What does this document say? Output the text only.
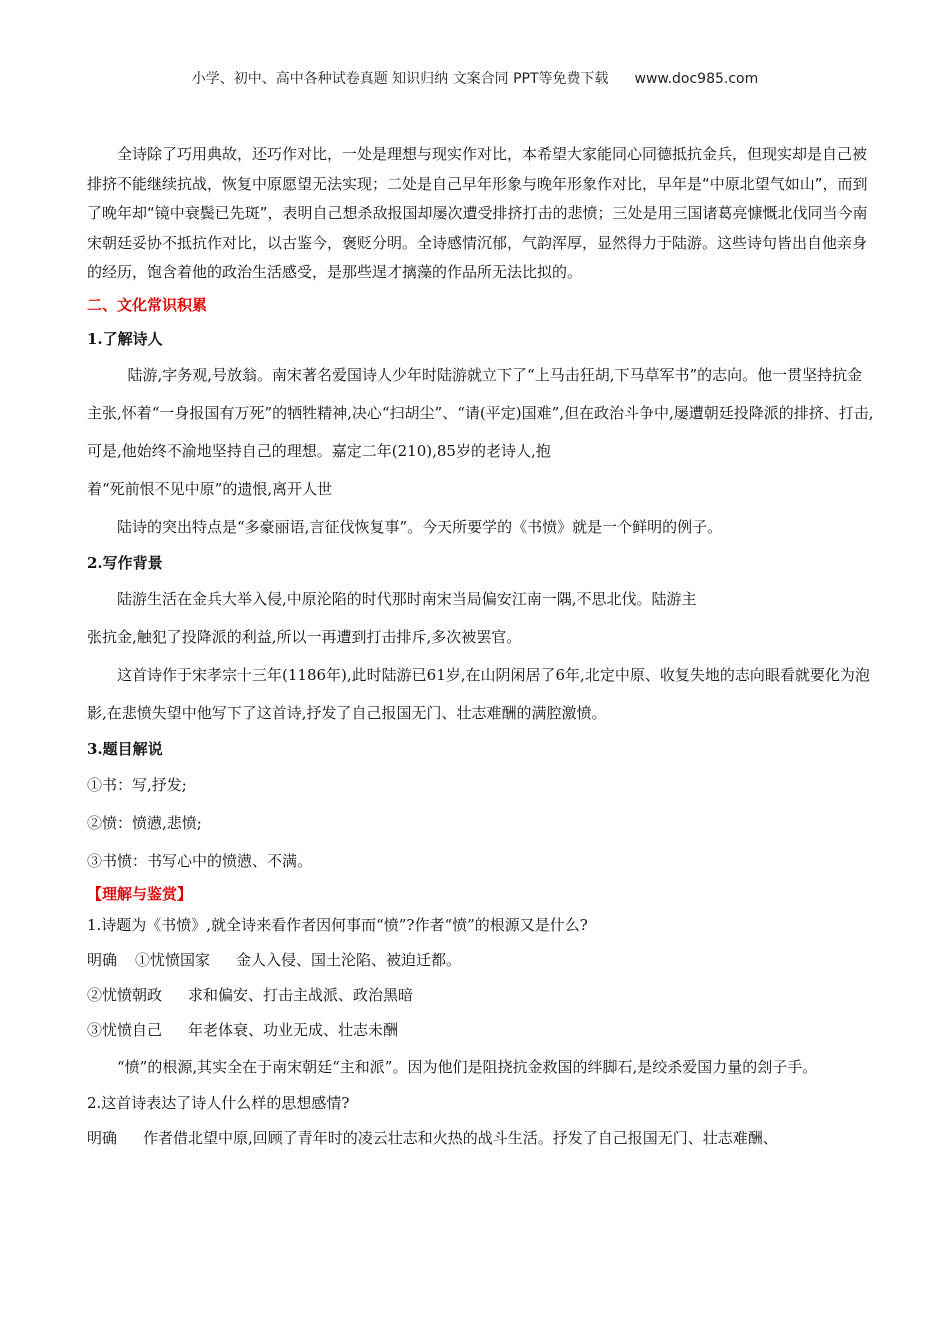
小学、初中、高中各种试卷真题 知识归纳 文案合同 PPT等免费下载 www.doc985.com

全诗除了巧用典故，还巧作对比，一处是理想与现实作对比，本希望大家能同心同德抵抗金兵，但现实却是自己被排挤不能继续抗战，恢复中原愿望无法实现；二处是自己早年形象与晚年形象作对比，早年是“中原北望气如山”，而到了晚年却“镜中衰鬓已先斑”，表明自己想杀敌报国却屡次遭受排挤打击的悲愤；三处是用三国诸葛亮慷慨北伐同当今南宋朝廷妥协不抵抗作对比，以古鉴今，褒贬分明。全诗感情沉郁，气韵浑厚，显然得力于陆游。这些诗句皆出自他亲身的经历，饱含着他的政治生活感受，是那些逞才摛藻的作品所无法比拟的。

二、文化常识积累

1.了解诗人

陆游,字务观,号放翁。南宋著名爱国诗人少年时陆游就立下了“上马击狂胡,下马草军书”的志向。他一贯坚持抗金主张,怀着“一身报国有万死”的牺牲精神,决心“扫胡尘”、“请(平定)国难”,但在政治斗争中,屡遭朝廷投降派的排挤、打击,可是,他始终不渝地坚持自己的理想。嘉定二年(210),85岁的老诗人,抱

着“死前恨不见中原”的遗恨,离开人世

陆诗的突出特点是“多豪丽语,言征伐恢复事”。今天所要学的《书愤》就是一个鲜明的例子。

2.写作背景

陆游生活在金兵大举入侵,中原沦陷的时代那时南宋当局偏安江南一隅,不思北伐。陆游主

张抗金,触犯了投降派的利益,所以一再遭到打击排斥,多次被罢官。

这首诗作于宋孝宗十三年(1186年),此时陆游已61岁,在山阴闲居了6年,北定中原、收复失地的志向眼看就要化为泡影,在悲愤失望中他写下了这首诗,抒发了自己报国无门、壮志难酬的满腔激愤。

3.题目解说

①书：写,抒发;

②愤：愤懑,悲愤;

③书愤：书写心中的愤懑、不满。

【理解与鉴赏】

1.诗题为《书愤》,就全诗来看作者因何事而“愤”?作者“愤”的根源又是什么?

明确 ①忧愤国家 金人入侵、国土沦陷、被迫迁都。

②忧愤朝政 求和偏安、打击主战派、政治黑暗

③忧愤自己 年老体衰、功业无成、壮志未酬

“愤”的根源,其实全在于南宋朝廷“主和派”。因为他们是阻挠抗金救国的绊脚石,是绞杀爱国力量的刽子手。

2.这首诗表达了诗人什么样的思想感情?

明确 作者借北望中原,回顾了青年时的凌云壮志和火热的战斗生活。抒发了自己报国无门、壮志难酬、
